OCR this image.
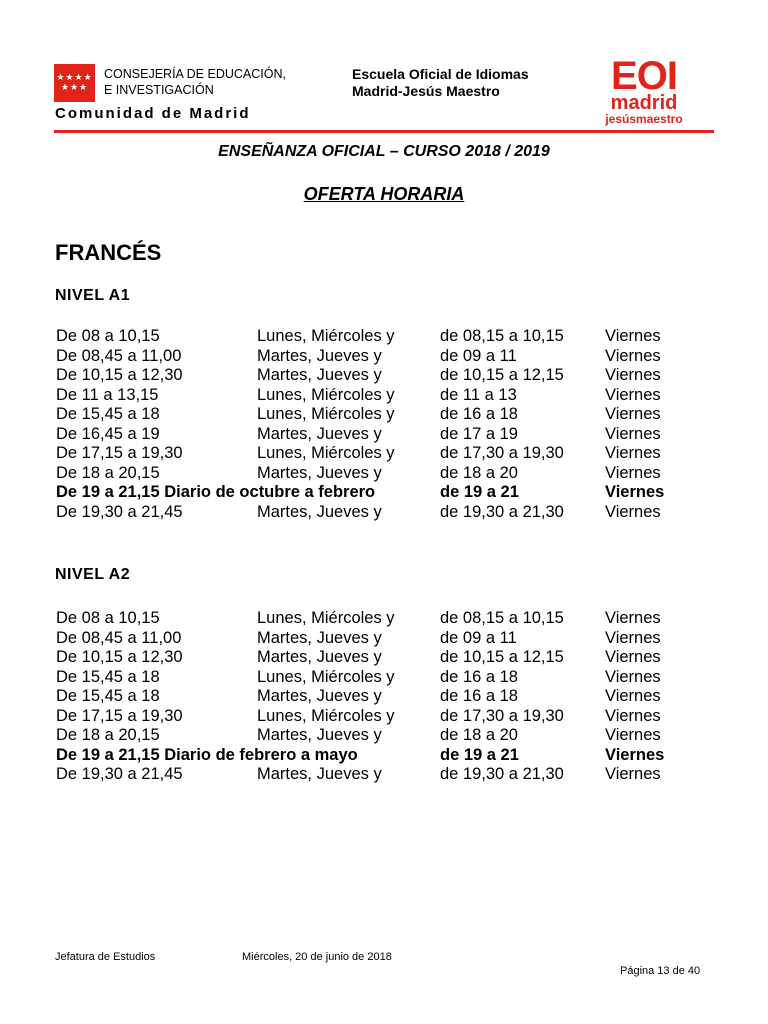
★★★★
★★★
CONSEJERÍA DE EDUCACIÓN,
E INVESTIGACIÓN
Comunidad de Madrid
Escuela Oficial de Idiomas
Madrid-Jesús Maestro	EOI
madrid
jesúsmaestro
ENSEÑANZA OFICIAL – CURSO 2018 / 2019
OFERTA HORARIA
FRANCÉS
NIVEL A1
De 08 a 10,15	Lunes, Miércoles y	de 08,15 a 10,15 Viernes
De 08,45 a 11,00	Martes, Jueves y	de 09 a 11	Viernes
De 10,15 a 12,30	Martes, Jueves y	de 10,15 a 12,15 Viernes
De 11 a 13,15	Lunes, Miércoles y	de 11 a 13	Viernes
De 15,45 a 18	Lunes, Miércoles y	de 16 a 18	Viernes
De 16,45 a 19	Martes, Jueves y	de 17 a 19	Viernes
De 17,15 a 19,30	Lunes, Miércoles y	de 17,30 a 19,30 Viernes
De 18 a 20,15	Martes, Jueves y	de 18 a 20	Viernes
De 19 a 21,15 Diario de octubre a febrero	de 19 a 21	Viernes
De 19,30 a 21,45	Martes, Jueves y	de 19,30 a 21,30 Viernes
NIVEL A2
De 08 a 10,15	Lunes, Miércoles y	de 08,15 a 10,15 Viernes
De 08,45 a 11,00	Martes, Jueves y	de 09 a 11	Viernes
De 10,15 a 12,30	Martes, Jueves y	de 10,15 a 12,15 Viernes
De 15,45 a 18	Lunes, Miércoles y	de 16 a 18	Viernes
De 15,45 a 18	Martes, Jueves y	de 16 a 18	Viernes
De 17,15 a 19,30	Lunes, Miércoles y	de 17,30 a 19,30 Viernes
De 18 a 20,15	Martes, Jueves y	de 18 a 20	Viernes
De 19 a 21,15 Diario de febrero a mayo	de 19 a 21	Viernes
De 19,30 a 21,45	Martes, Jueves y	de 19,30 a 21,30 Viernes
Jefatura de Estudios	Miércoles, 20 de junio de 2018
Página 13 de 40
